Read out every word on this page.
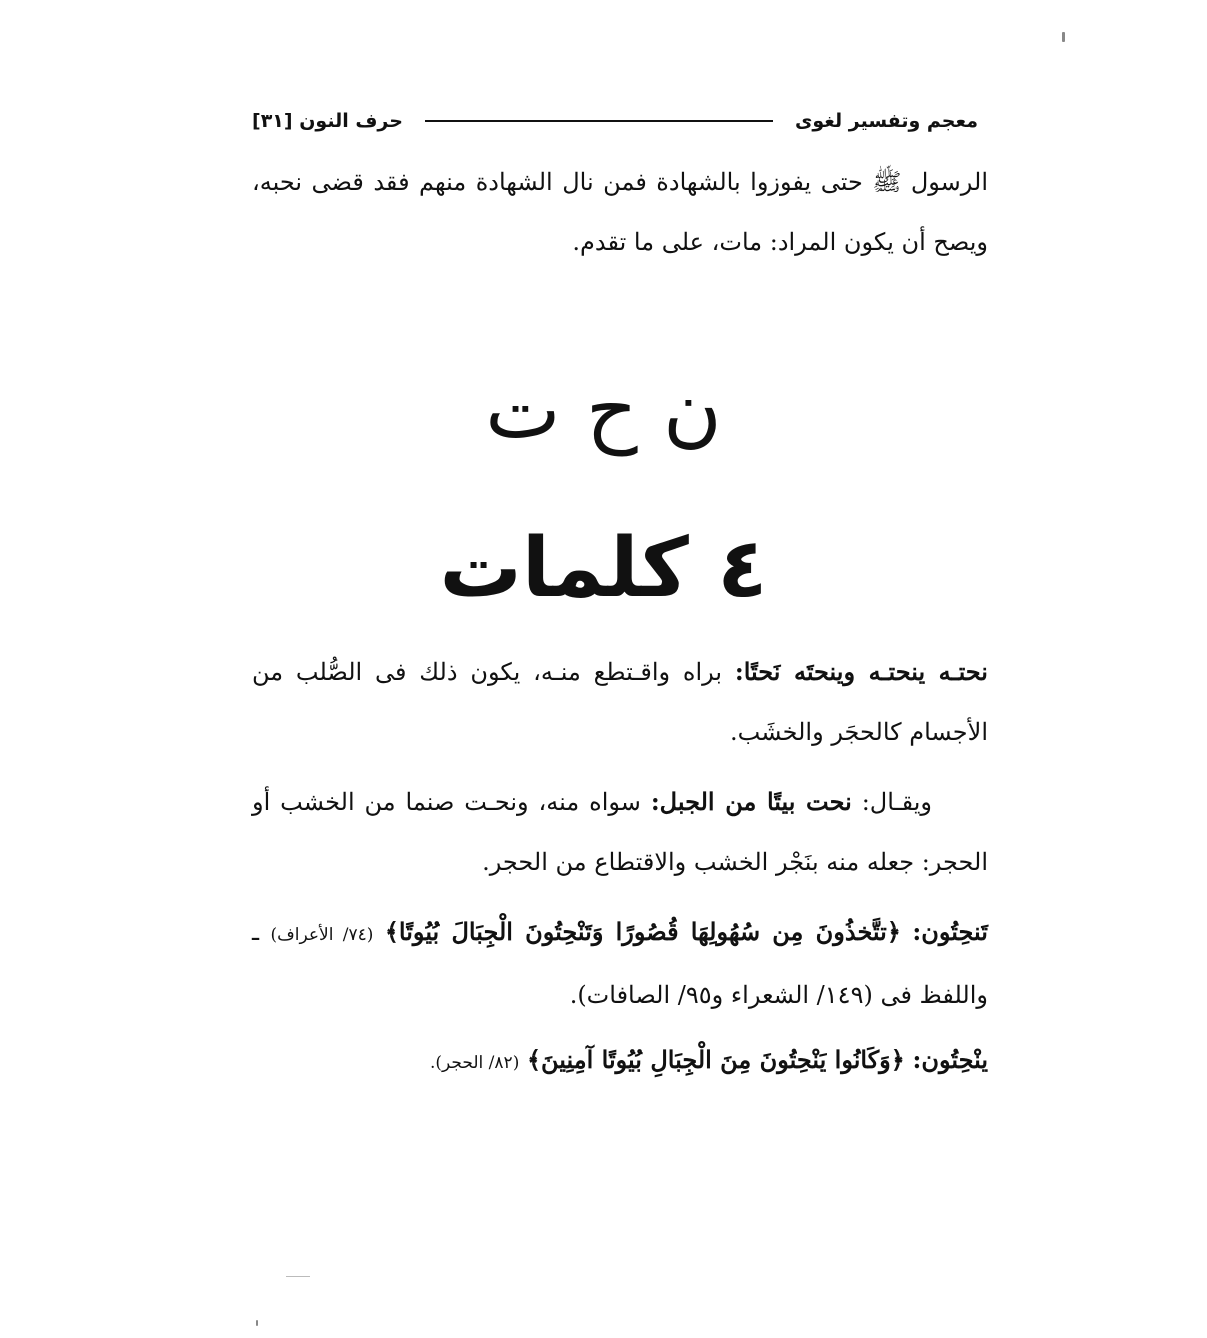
معجم وتفسير لغوى
حرف النون [٣١]
الرسول ﷺ حتى يفوزوا بالشهادة فمن نال الشهادة منهم فقد قضى نحبه، ويصح أن يكون المراد: مات، على ما تقدم.
ن ح ت
٤ كلمات
نحتـه ينحتـه وينحتَه نَحتًا: براه واقـتطع منـه، يكون ذلك فى الصُّلب من الأجسام كالحجَر والخشَب.
ويقـال: نحت بيتًا من الجبل: سواه منه، ونحـت صنما من الخشب أو الحجر: جعله منه بنَجْر الخشب والاقتطاع من الحجر.
تَنحِتُون: ﴿تتَّخذُونَ مِن سُهُولِهَا قُصُورًا وَتَنْحِتُونَ الْجِبَالَ بُيُوتًا﴾ (٧٤/ الأعراف) ـ واللفظ فى (١٤٩/ الشعراء و٩٥/ الصافات).
ينْحِتُون: ﴿وَكَانُوا يَنْحِتُونَ مِنَ الْجِبَالِ بُيُوتًا آمِنِينَ﴾ (٨٢/ الحجر).
